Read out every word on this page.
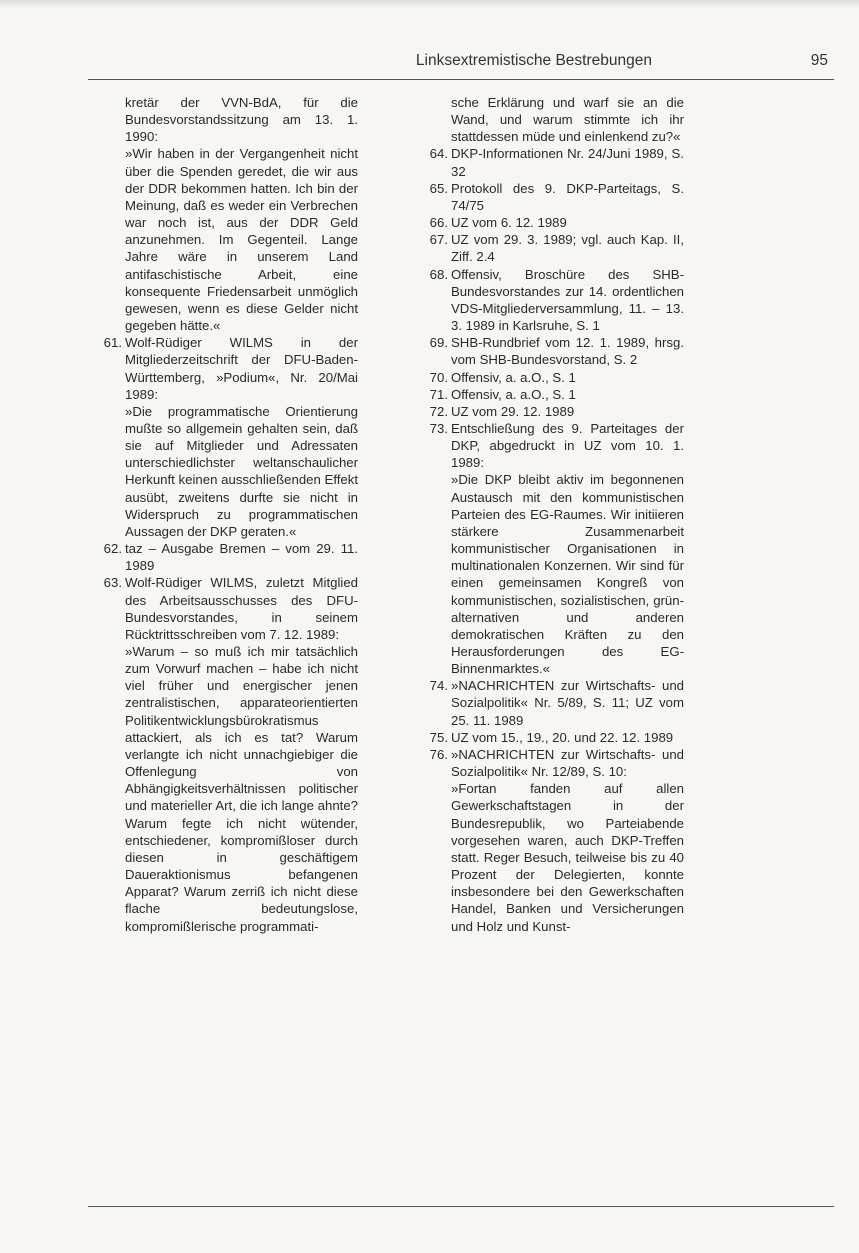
Linksextremistische Bestrebungen	95
kretär der VVN-BdA, für die Bundesvorstandssitzung am 13. 1. 1990:
»Wir haben in der Vergangenheit nicht über die Spenden geredet, die wir aus der DDR bekommen hatten. Ich bin der Meinung, daß es weder ein Verbrechen war noch ist, aus der DDR Geld anzunehmen. Im Gegenteil. Lange Jahre wäre in unserem Land antifaschistische Arbeit, eine konsequente Friedensarbeit unmöglich gewesen, wenn es diese Gelder nicht gegeben hätte.«
61. Wolf-Rüdiger WILMS in der Mitgliederzeitschrift der DFU-Baden-Württemberg, »Podium«, Nr. 20/Mai 1989:
»Die programmatische Orientierung mußte so allgemein gehalten sein, daß sie auf Mitglieder und Adressaten unterschiedlichster weltanschaulicher Herkunft keinen ausschließenden Effekt ausübt, zweitens durfte sie nicht in Widerspruch zu programmatischen Aussagen der DKP geraten.«
62. taz – Ausgabe Bremen – vom 29. 11. 1989
63. Wolf-Rüdiger WILMS, zuletzt Mitglied des Arbeitsausschusses des DFU-Bundesvorstandes, in seinem Rücktrittsschreiben vom 7. 12. 1989:
»Warum – so muß ich mir tatsächlich zum Vorwurf machen – habe ich nicht viel früher und energischer jenen zentralistischen, apparateorientierten Politikentwicklungsbürokratismus attackiert, als ich es tat? Warum verlangte ich nicht unnachgiebiger die Offenlegung von Abhängigkeitsverhältnissen politischer und materieller Art, die ich lange ahnte? Warum fegte ich nicht wütender, entschiedener, kompromißloser durch diesen in geschäftigem Daueraktionismus befangenen Apparat? Warum zerriß ich nicht diese flache bedeutungslose, kompromißlerische programmati-
sche Erklärung und warf sie an die Wand, und warum stimmte ich ihr stattdessen müde und einlenkend zu?«
64. DKP-Informationen Nr. 24/Juni 1989, S. 32
65. Protokoll des 9. DKP-Parteitags, S. 74/75
66. UZ vom 6. 12. 1989
67. UZ vom 29. 3. 1989; vgl. auch Kap. II, Ziff. 2.4
68. Offensiv, Broschüre des SHB-Bundesvorstandes zur 14. ordentlichen VDS-Mitgliederversammlung, 11. – 13. 3. 1989 in Karlsruhe, S. 1
69. SHB-Rundbrief vom 12. 1. 1989, hrsg. vom SHB-Bundesvorstand, S. 2
70. Offensiv, a. a.O., S. 1
71. Offensiv, a. a.O., S. 1
72. UZ vom 29. 12. 1989
73. Entschließung des 9. Parteitages der DKP, abgedruckt in UZ vom 10. 1. 1989:
»Die DKP bleibt aktiv im begonnenen Austausch mit den kommunistischen Parteien des EG-Raumes. Wir initiieren stärkere Zusammenarbeit kommunistischer Organisationen in multinationalen Konzernen. Wir sind für einen gemeinsamen Kongreß von kommunistischen, sozialistischen, grün-alternativen und anderen demokratischen Kräften zu den Herausforderungen des EG-Binnenmarktes.«
74. »NACHRICHTEN zur Wirtschafts- und Sozialpolitik« Nr. 5/89, S. 11; UZ vom 25. 11. 1989
75. UZ vom 15., 19., 20. und 22. 12. 1989
76. »NACHRICHTEN zur Wirtschafts- und Sozialpolitik« Nr. 12/89, S. 10:
»Fortan fanden auf allen Gewerkschaftstagen in der Bundesrepublik, wo Parteiabende vorgesehen waren, auch DKP-Treffen statt. Reger Besuch, teilweise bis zu 40 Prozent der Delegierten, konnte insbesondere bei den Gewerkschaften Handel, Banken und Versicherungen und Holz und Kunst-
